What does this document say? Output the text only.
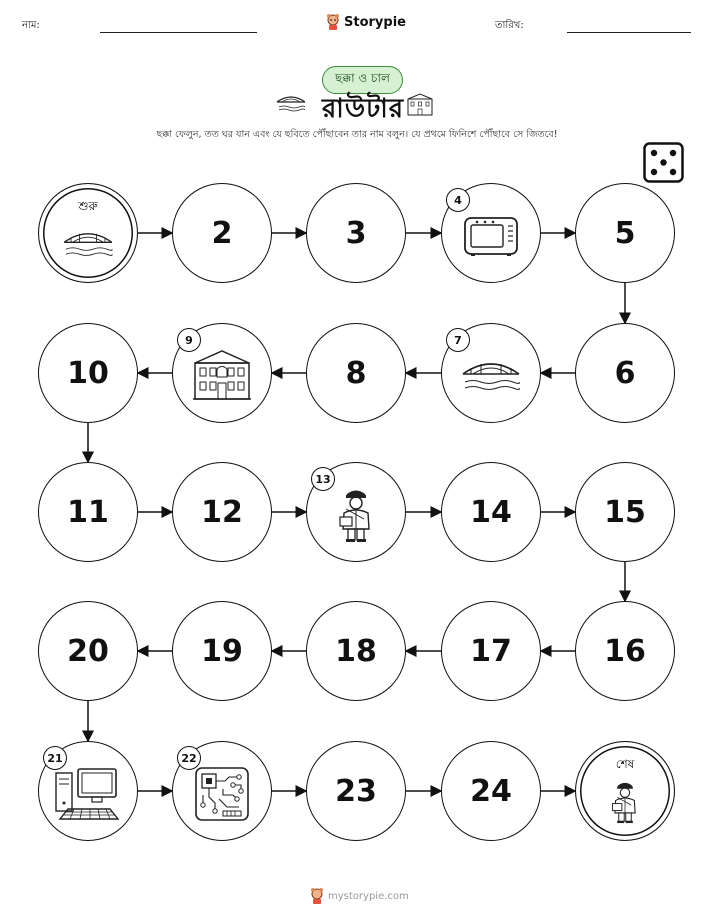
নাম:	Storypie	তারিখ:
ছক্কা ও চাল
রাউটার
ছক্কা ফেলুন, তত ঘর যান এবং যে ছবিতে পৌঁছাবেন তার নাম বলুন। যে প্রথমে ফিনিশে পৌঁছাবে সে জিতবে!
শুরু
2	3
4
5
6
7
8
9
10
11	12
13
14	15
16
17
18
19
20
21	22
23	24
শেষ
mystorypie.com
